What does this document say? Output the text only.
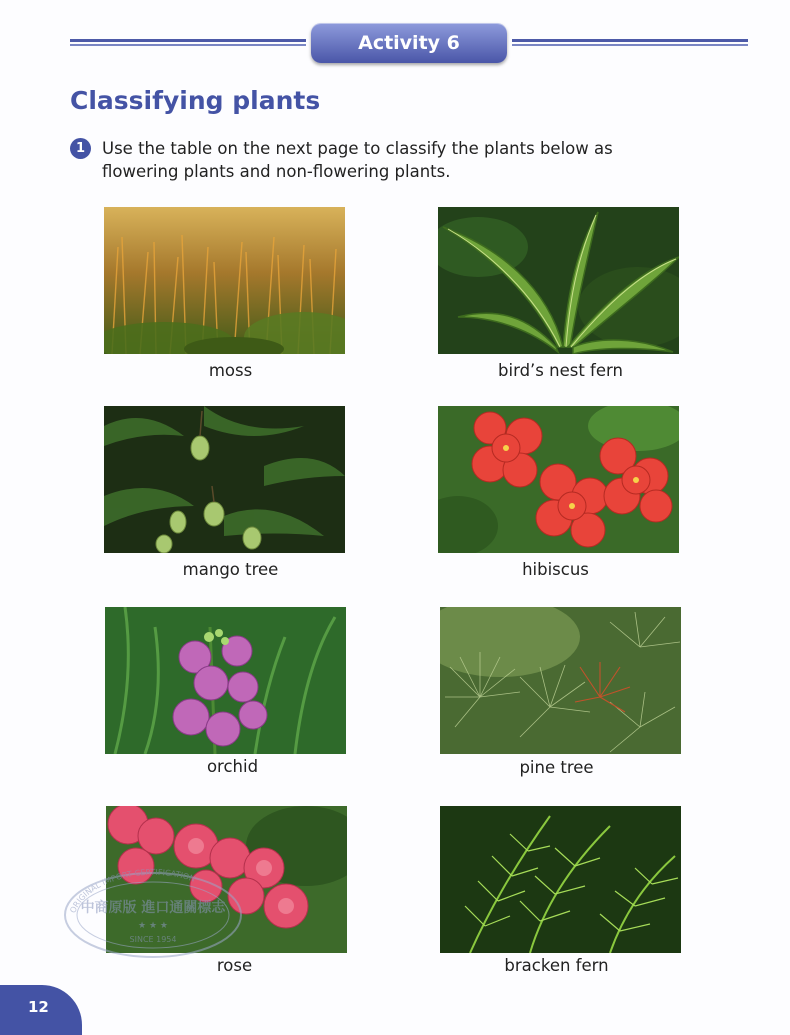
Activity 6
Classifying plants
1	Use the table on the next page to classify the plants below as flowering plants and non-flowering plants.
moss	bird’s nest fern
mango tree	hibiscus
orchid	pine tree
rose	bracken fern
ORIGINAL IMPORT CERTIFICATION
中商原版 進口通關標志
★ ★ ★
SINCE 1954
12
